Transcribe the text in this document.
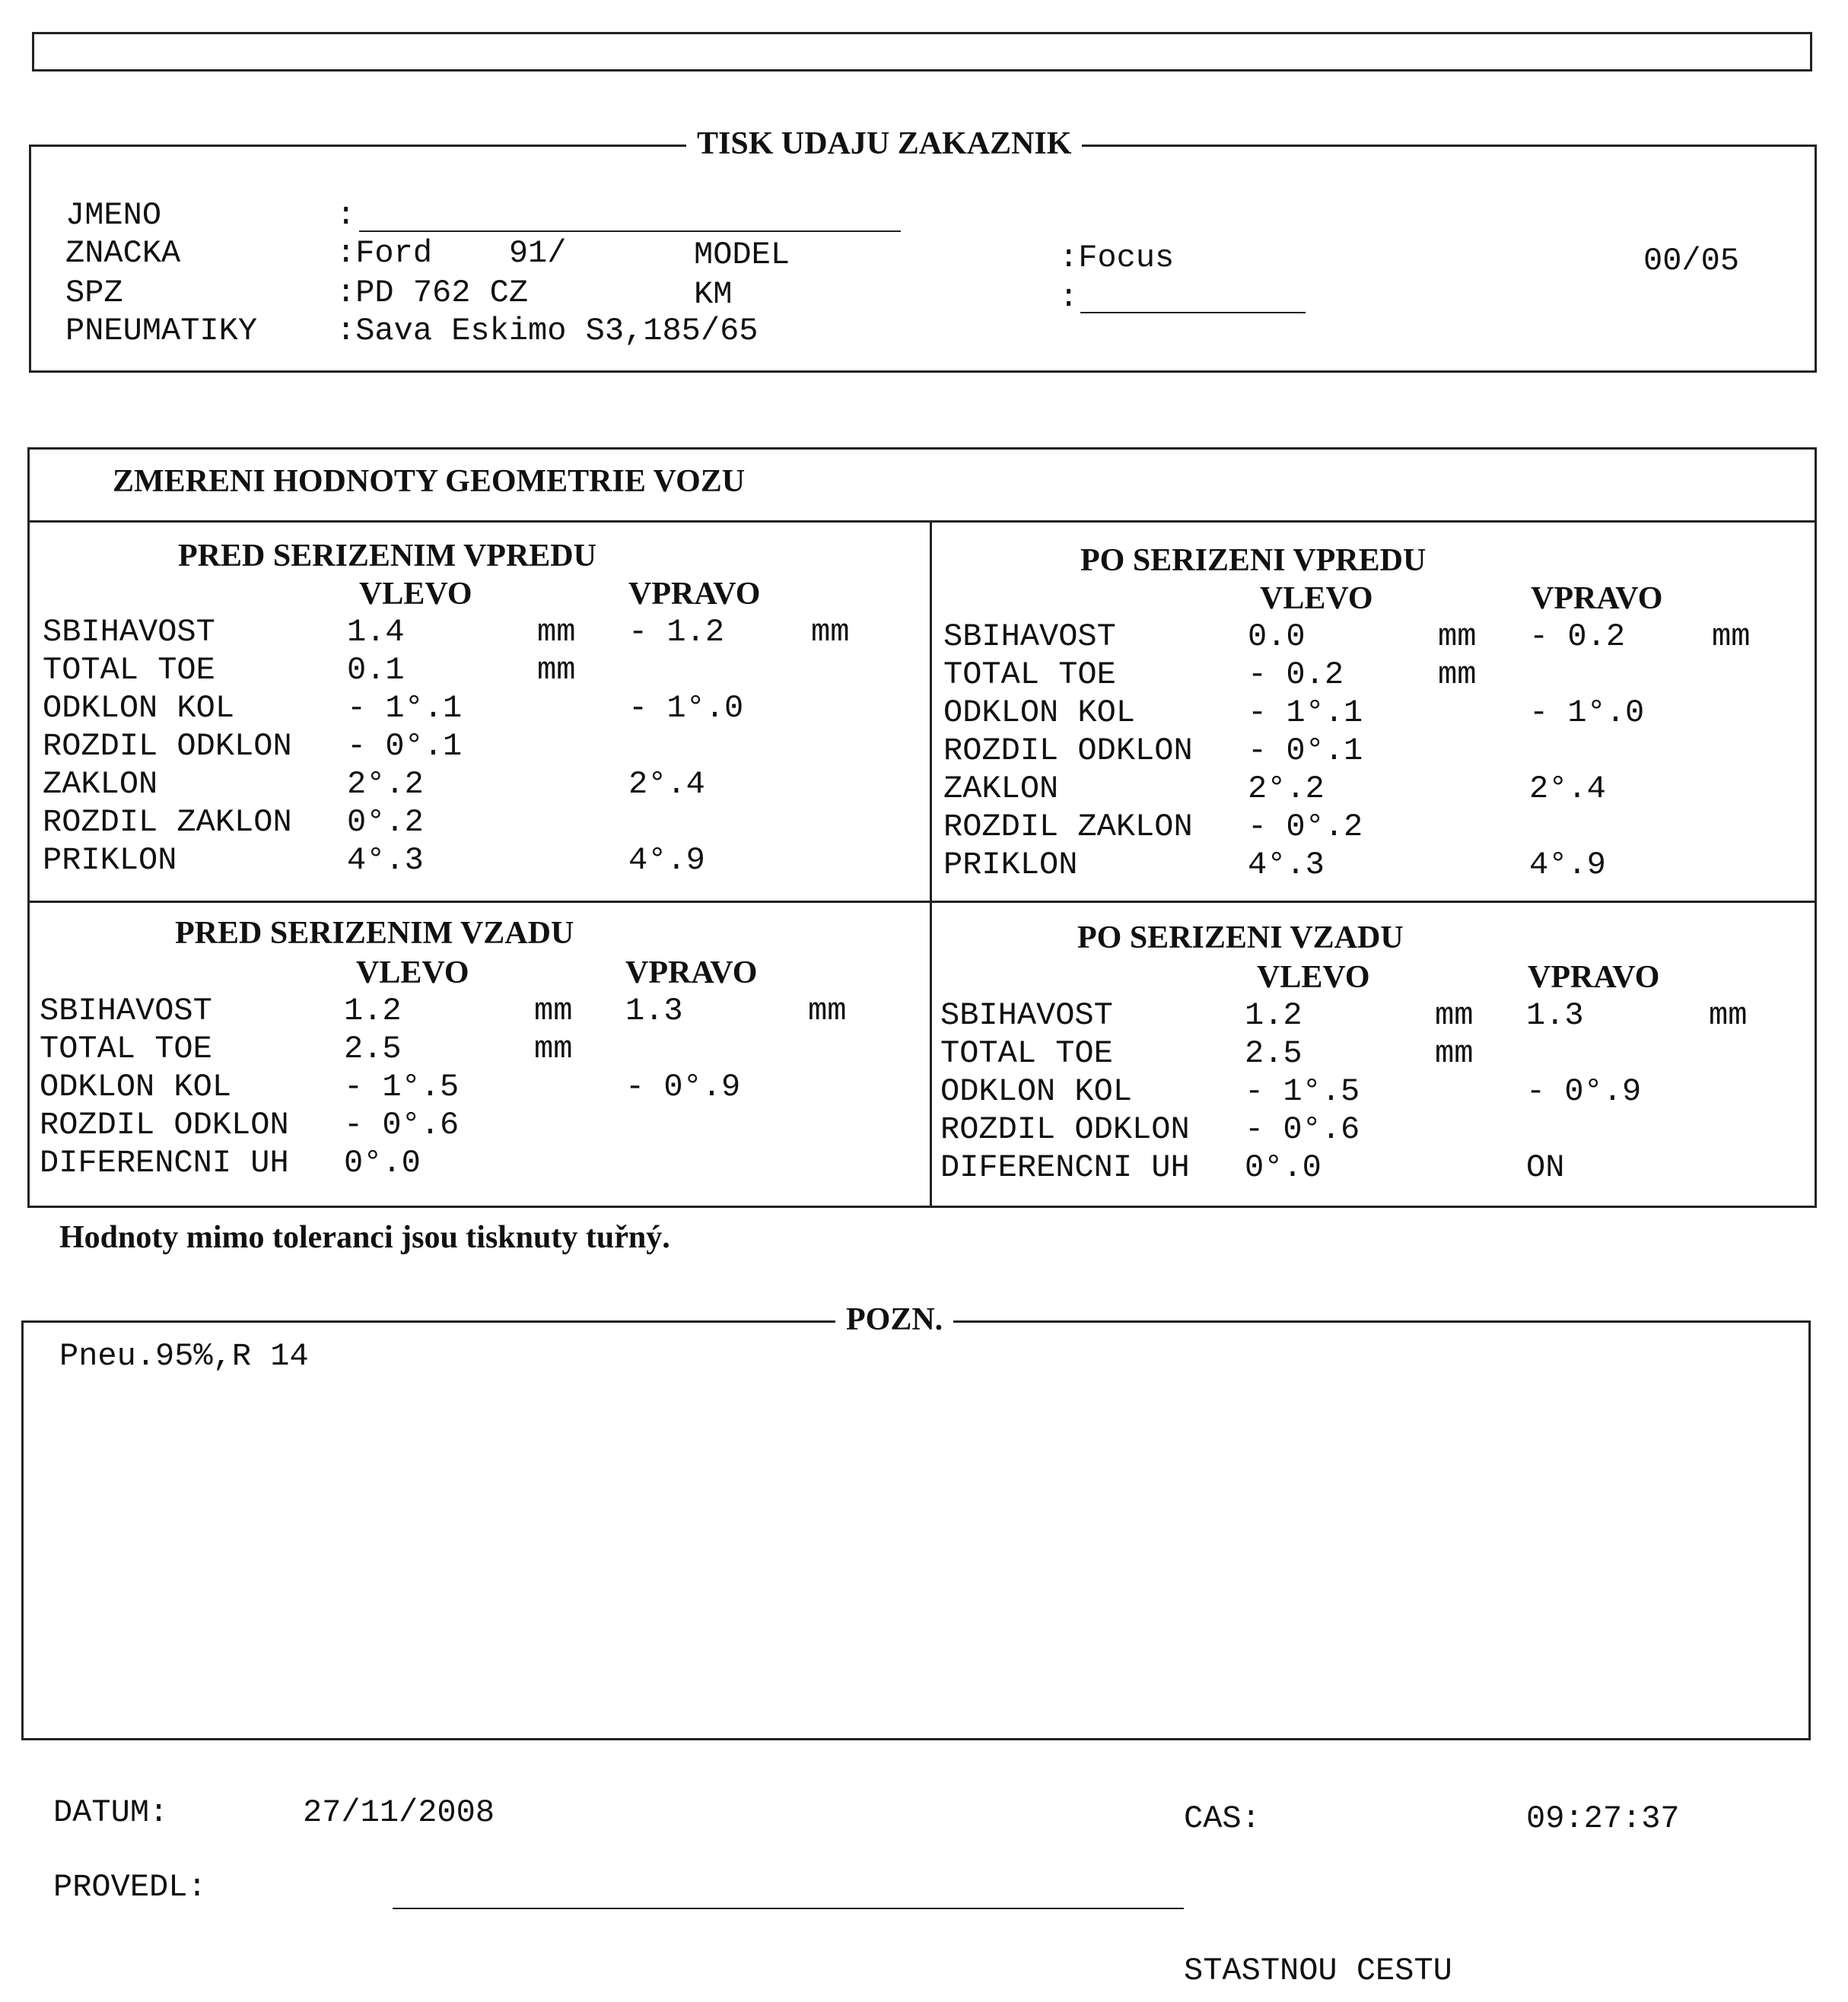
TISK UDAJU ZAKAZNIK
JMENO	:
ZNACKA	:Ford    91/	MODEL	:Focus	00/05
SPZ	:PD 762 CZ	KM	:
PNEUMATIKY :Sava Eskimo S3,185/65
ZMERENI HODNOTY GEOMETRIE VOZU
PRED SERIZENIM VPREDU
VLEVO	VPRAVO
SBIHAVOST	1.4	mm - 1.2	mm
TOTAL TOE	0.1	mm
ODKLON KOL	- 1°.1	- 1°.0
ROZDIL ODKLON - 0°.1
ZAKLON	2°.2	2°.4
ROZDIL ZAKLON 0°.2
PRIKLON	4°.3	4°.9
PO SERIZENI VPREDU
VLEVO	VPRAVO
SBIHAVOST	0.0	mm - 0.2	mm
TOTAL TOE	- 0.2	mm
ODKLON KOL	- 1°.1	- 1°.0
ROZDIL ODKLON - 0°.1
ZAKLON	2°.2	2°.4
ROZDIL ZAKLON - 0°.2
PRIKLON	4°.3	4°.9
PRED SERIZENIM VZADU
VLEVO	VPRAVO
SBIHAVOST	1.2	mm 1.3	mm
TOTAL TOE	2.5	mm
ODKLON KOL	- 1°.5	- 0°.9
ROZDIL ODKLON - 0°.6
DIFERENCNI UH 0°.0
PO SERIZENI VZADU
VLEVO	VPRAVO
SBIHAVOST	1.2	mm 1.3	mm
TOTAL TOE	2.5	mm
ODKLON KOL	- 1°.5	- 0°.9
ROZDIL ODKLON - 0°.6
DIFERENCNI UH 0°.0	ON
Hodnoty mimo toleranci jsou tisknuty tuřný.
POZN.
Pneu.95%,R 14
DATUM:	27/11/2008	CAS:	09:27:37
PROVEDL:
STASTNOU CESTU
